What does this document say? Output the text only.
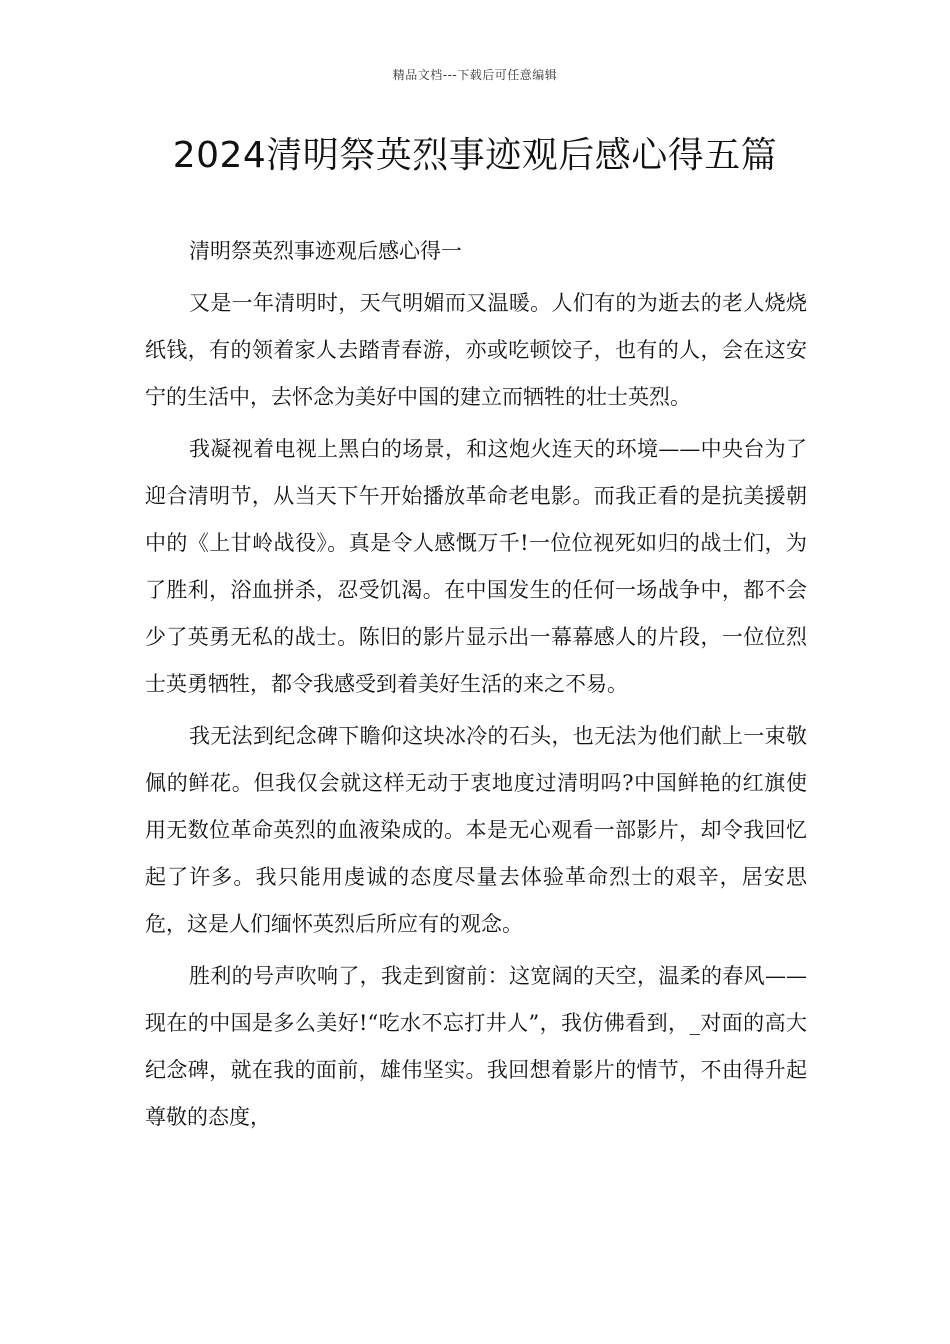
精品文档---下载后可任意编辑
2024清明祭英烈事迹观后感心得五篇

清明祭英烈事迹观后感心得一

又是一年清明时，天气明媚而又温暖。人们有的为逝去的老人烧烧纸钱，有的领着家人去踏青春游，亦或吃顿饺子，也有的人，会在这安宁的生活中，去怀念为美好中国的建立而牺牲的壮士英烈。

我凝视着电视上黑白的场景，和这炮火连天的环境——中央台为了迎合清明节，从当天下午开始播放革命老电影。而我正看的是抗美援朝中的《上甘岭战役》。真是令人感慨万千!一位位视死如归的战士们，为了胜利，浴血拼杀，忍受饥渴。在中国发生的任何一场战争中，都不会少了英勇无私的战士。陈旧的影片显示出一幕幕感人的片段，一位位烈士英勇牺牲，都令我感受到着美好生活的来之不易。

我无法到纪念碑下瞻仰这块冰冷的石头，也无法为他们献上一束敬佩的鲜花。但我仅会就这样无动于衷地度过清明吗?中国鲜艳的红旗使用无数位革命英烈的血液染成的。本是无心观看一部影片，却令我回忆起了许多。我只能用虔诚的态度尽量去体验革命烈士的艰辛，居安思危，这是人们缅怀英烈后所应有的观念。

胜利的号声吹响了，我走到窗前：这宽阔的天空，温柔的春风——现在的中国是多么美好!“吃水不忘打井人”，我仿佛看到，_对面的高大纪念碑，就在我的面前，雄伟坚实。我回想着影片的情节，不由得升起尊敬的态度，
